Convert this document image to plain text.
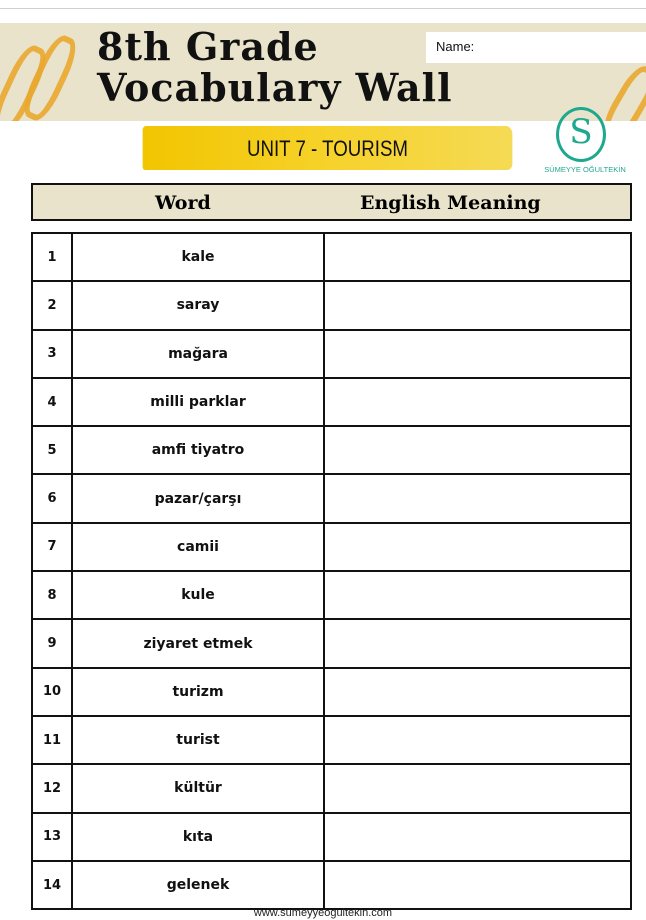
8th Grade
Vocabulary Wall
Name:
UNIT 7 - TOURISM	S
SÜMEYYE OĞULTEKİN
Word	English Meaning
1	kale	
2	saray	
3	mağara	
4	milli parklar	
5	amfi tiyatro	
6	pazar/çarşı	
7	camii	
8	kule	
9	ziyaret etmek	
10	turizm	
11	turist	
12	kültür	
13	kıta	
14	gelenek	
www.sumeyyeogultekin.com
